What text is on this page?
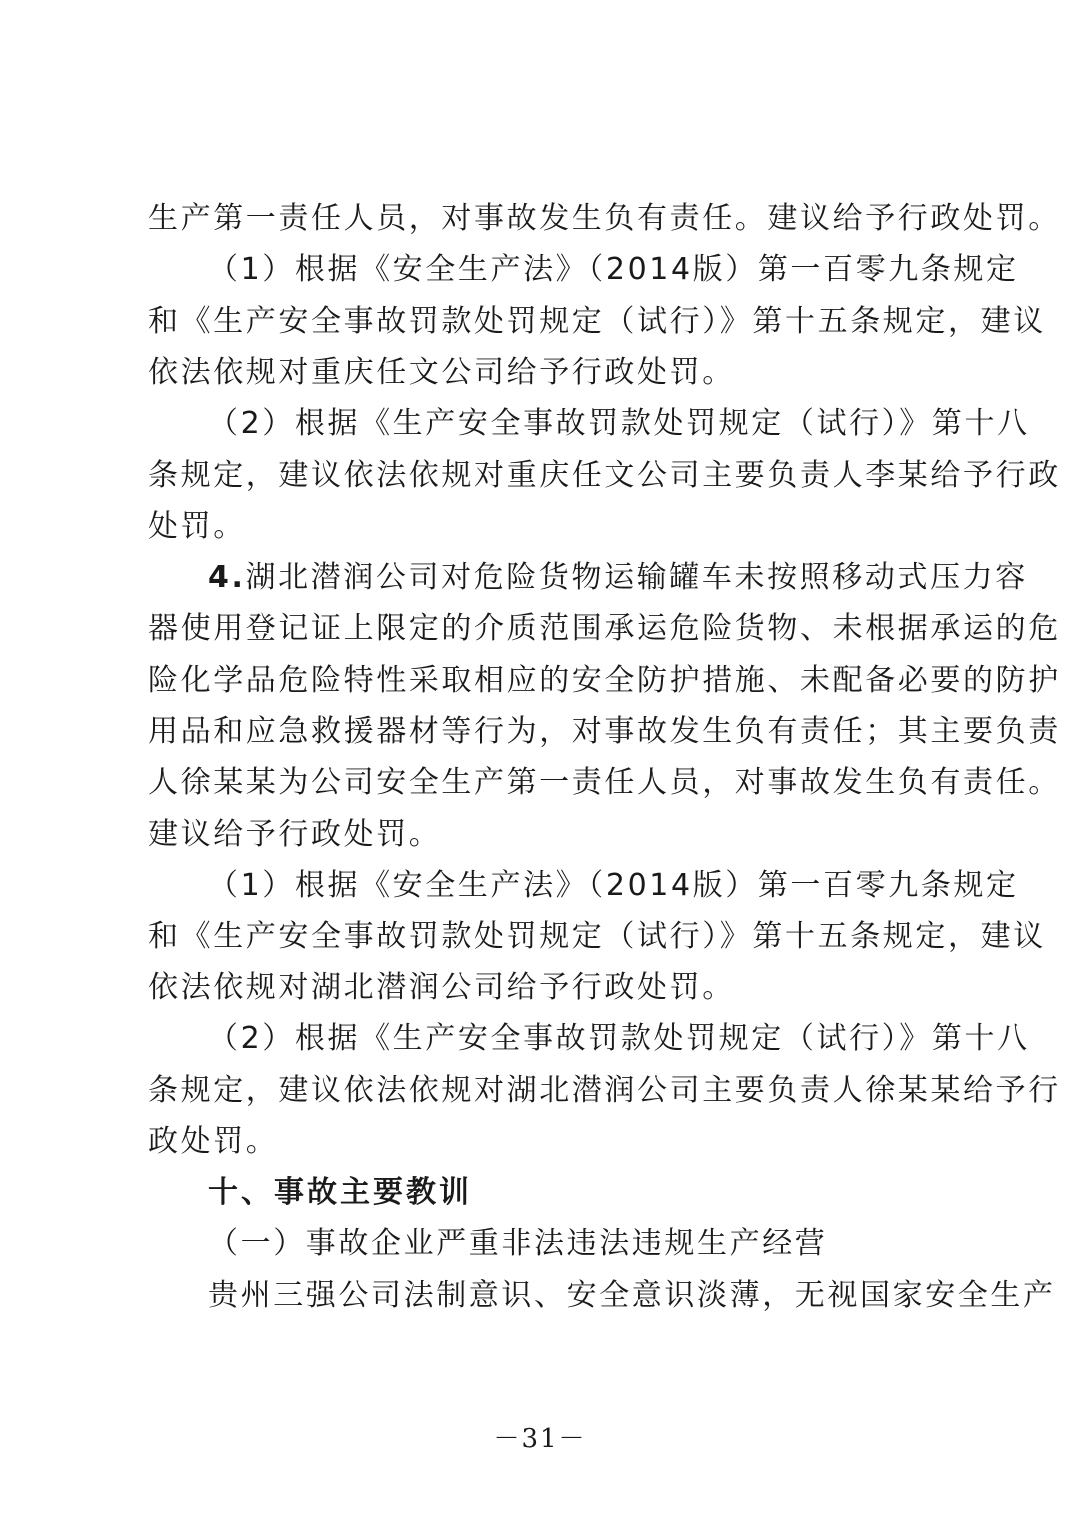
生产第一责任人员，对事故发生负有责任。建议给予行政处罚。
（1）根据《安全生产法》（2014版）第一百零九条规定
和《生产安全事故罚款处罚规定（试行）》第十五条规定，建议
依法依规对重庆任文公司给予行政处罚。
（2）根据《生产安全事故罚款处罚规定（试行）》第十八
条规定，建议依法依规对重庆任文公司主要负责人李某给予行政
处罚。
4.湖北潜润公司对危险货物运输罐车未按照移动式压力容
器使用登记证上限定的介质范围承运危险货物、未根据承运的危
险化学品危险特性采取相应的安全防护措施、未配备必要的防护
用品和应急救援器材等行为，对事故发生负有责任；其主要负责
人徐某某为公司安全生产第一责任人员，对事故发生负有责任。
建议给予行政处罚。
（1）根据《安全生产法》（2014版）第一百零九条规定
和《生产安全事故罚款处罚规定（试行）》第十五条规定，建议
依法依规对湖北潜润公司给予行政处罚。
（2）根据《生产安全事故罚款处罚规定（试行）》第十八
条规定，建议依法依规对湖北潜润公司主要负责人徐某某给予行
政处罚。
十、事故主要教训
（一）事故企业严重非法违法违规生产经营
贵州三强公司法制意识、安全意识淡薄，无视国家安全生产
－31－
